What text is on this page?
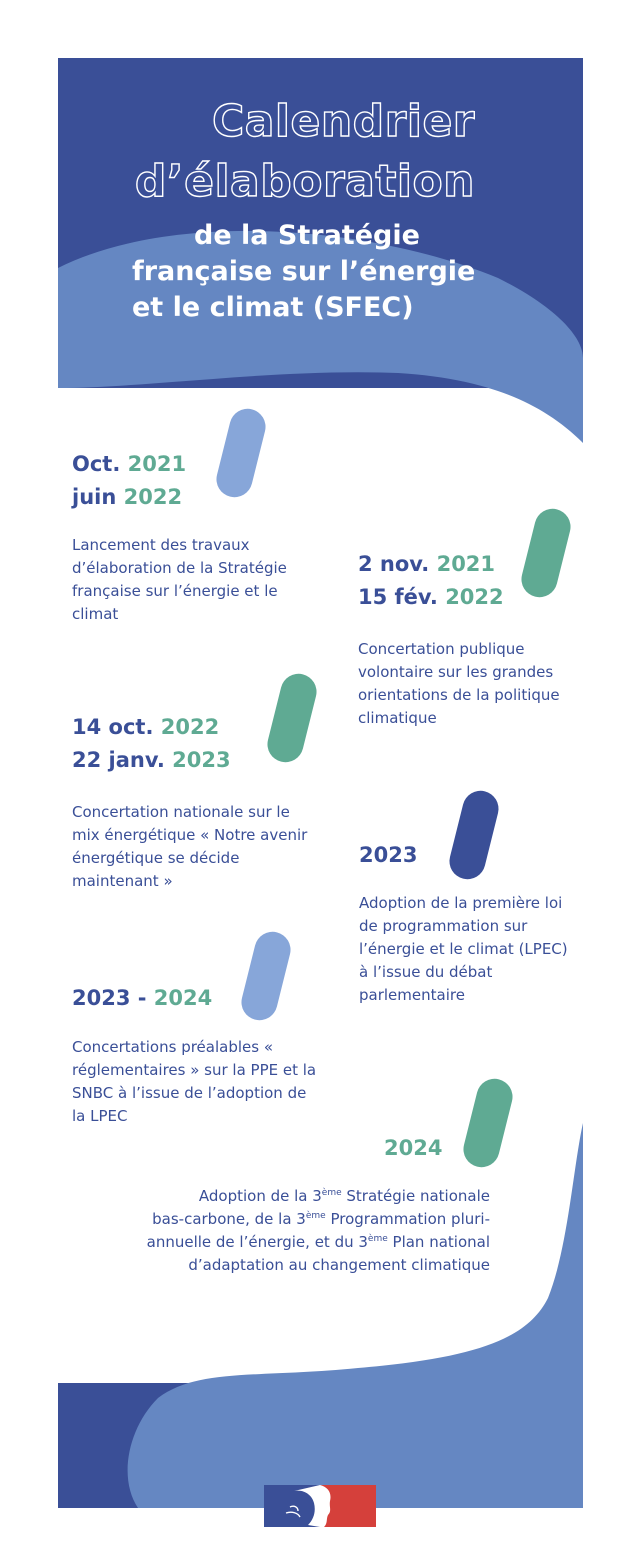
Calendrier
d’élaboration
de la Stratégie
française sur l’énergie
et le climat (SFEC)
Oct. 2021
juin 2022
Lancement des travaux d’élaboration de la Stratégie française sur l’énergie et le climat
2 nov. 2021
15 fév. 2022
Concertation publique volontaire sur les grandes orientations de la politique climatique
14 oct. 2022
22 janv. 2023
Concertation nationale sur le mix énergétique « Notre avenir énergétique se décide maintenant »
2023
Adoption de la première loi de programmation sur l’énergie et le climat (LPEC) à l’issue du débat parlementaire
2023 - 2024
Concertations préalables « réglementaires » sur la PPE et la SNBC à l’issue de l’adoption de la LPEC
2024
Adoption de la 3ème Stratégie nationale
bas-carbone, de la 3ème Programmation pluri-
annuelle de l’énergie, et du 3ème Plan national
d’adaptation au changement climatique
